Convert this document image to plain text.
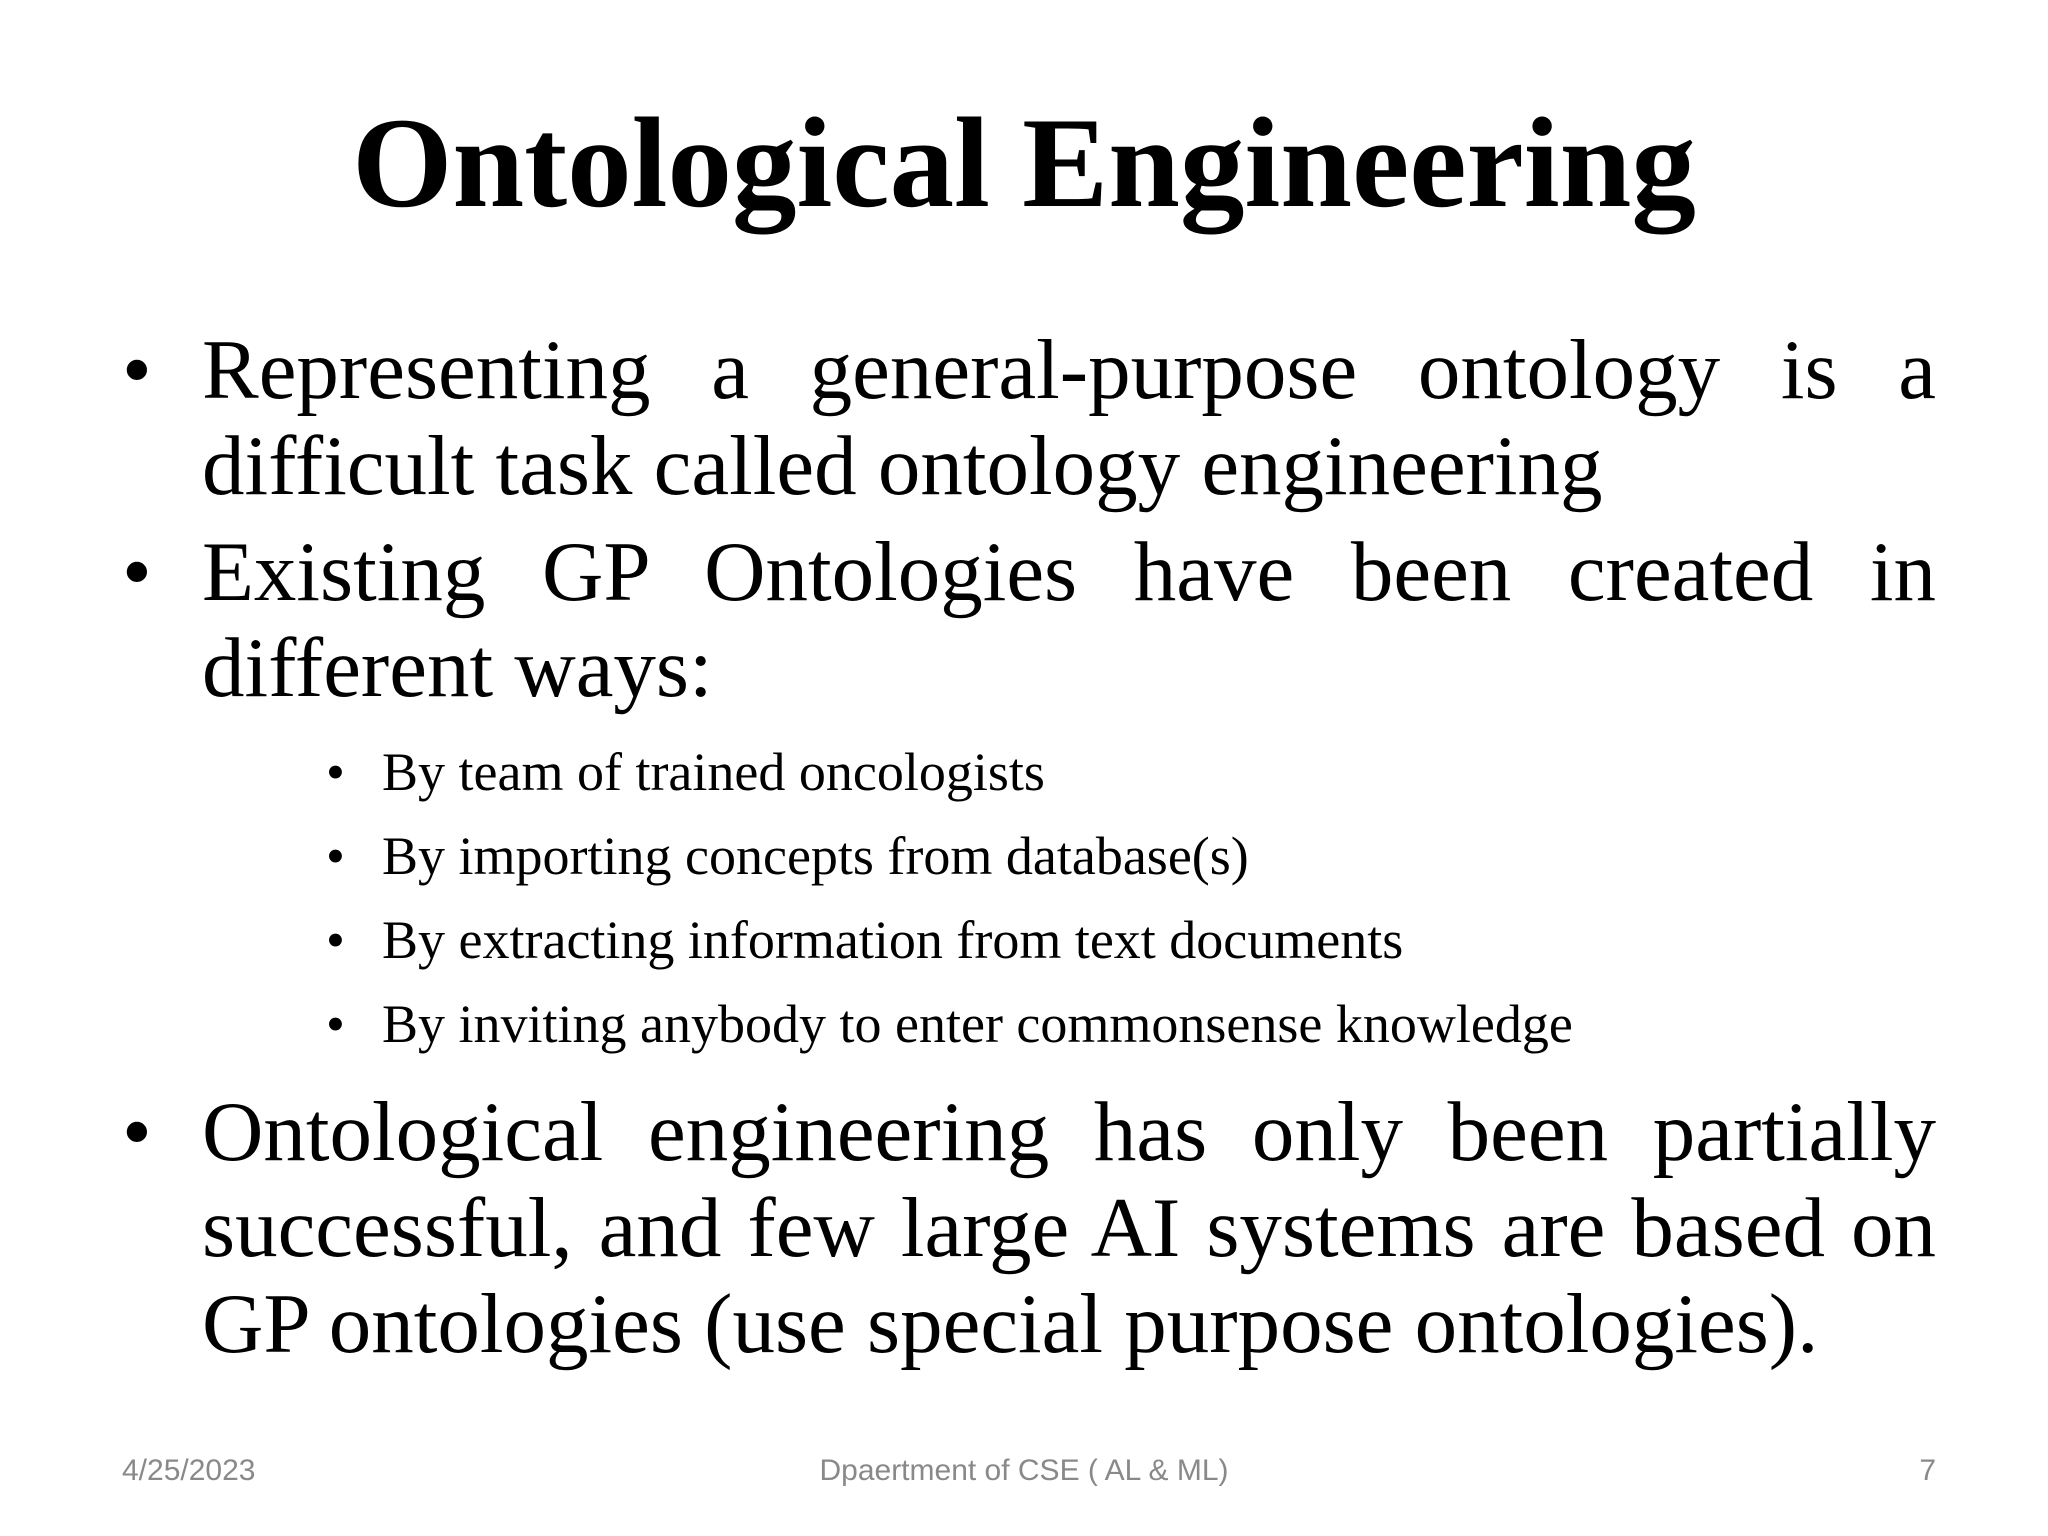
Ontological Engineering
• Representing a general-purpose ontology is a difficult task called ontology engineering
• Existing GP Ontologies have been created in different ways:
• By team of trained oncologists
• By importing concepts from database(s)
• By extracting information from text documents
• By inviting anybody to enter commonsense knowledge
• Ontological engineering has only been partially successful, and few large AI systems are based on GP ontologies (use special purpose ontologies).
4/25/2023	Dpaertment of CSE ( AL & ML)	7
